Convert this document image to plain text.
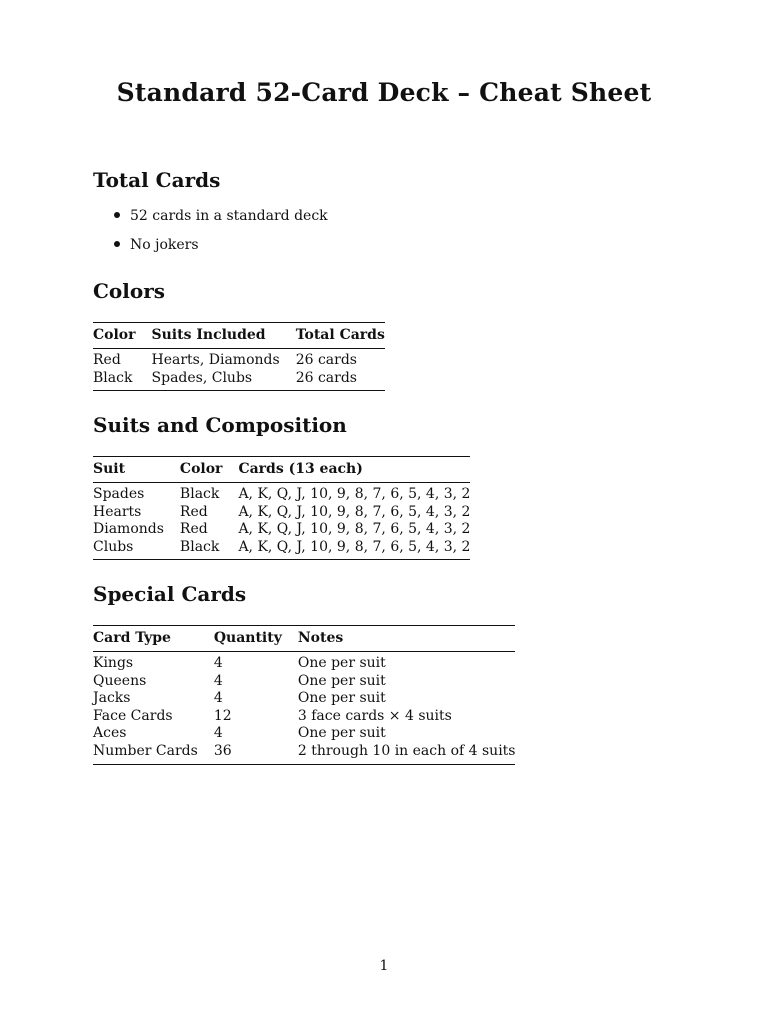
Standard 52-Card Deck – Cheat Sheet
Total Cards
52 cards in a standard deck
No jokers
Colors
Color	Suits Included	Total Cards
Red	Hearts, Diamonds	26 cards
Black	Spades, Clubs	26 cards
Suits and Composition
Suit	Color	Cards (13 each)
Spades	Black	A, K, Q, J, 10, 9, 8, 7, 6, 5, 4, 3, 2
Hearts	Red	A, K, Q, J, 10, 9, 8, 7, 6, 5, 4, 3, 2
Diamonds	Red	A, K, Q, J, 10, 9, 8, 7, 6, 5, 4, 3, 2
Clubs	Black	A, K, Q, J, 10, 9, 8, 7, 6, 5, 4, 3, 2
Special Cards
Card Type	Quantity	Notes
Kings	4	One per suit
Queens	4	One per suit
Jacks	4	One per suit
Face Cards	12	3 face cards × 4 suits
Aces	4	One per suit
Number Cards	36	2 through 10 in each of 4 suits
1
